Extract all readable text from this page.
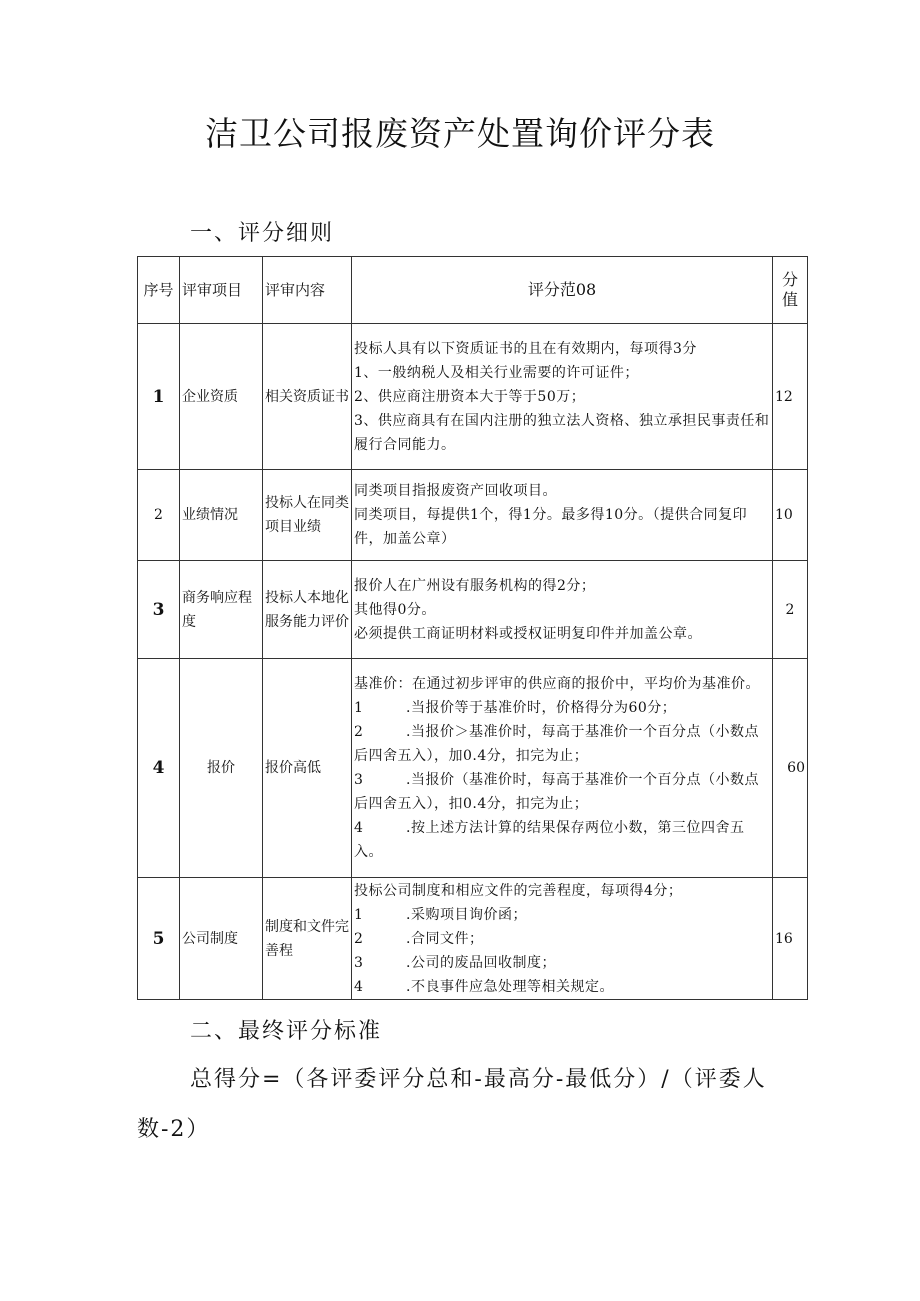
洁卫公司报废资产处置询价评分表
一、评分细则
序号	评审项目	评审内容	评分范08	分值
1	企业资质	相关资质证书	投标人具有以下资质证书的且在有效期内，每项得3分
1、一般纳税人及相关行业需要的许可证件；
2、供应商注册资本大于等于50万；
3、供应商具有在国内注册的独立法人资格、独立承担民事责任和履行合同能力。	12
2	业绩情况	投标人在同类项目业绩	同类项目指报废资产回收项目。
同类项目，每提供1个，得1分。最多得10分。（提供合同复印件，加盖公章）	10
3	商务响应程度	投标人本地化服务能力评价	报价人在广州设有服务机构的得2分；
其他得0分。
必须提供工商证明材料或授权证明复印件并加盖公章。	2
4	报价	报价高低	基准价：在通过初步评审的供应商的报价中，平均价为基准价。
1 .当报价等于基准价时，价格得分为60分；
2 .当报价＞基准价时，每高于基准价一个百分点（小数点后四舍五入），加0.4分，扣完为止；
3 .当报价（基准价时，每高于基准价一个百分点（小数点后四舍五入），扣0.4分，扣完为止；
4 .按上述方法计算的结果保存两位小数，第三位四舍五入。	60
5	公司制度	制度和文件完善程	投标公司制度和相应文件的完善程度，每项得4分；
1 .采购项目询价函；
2 .合同文件；
3 .公司的废品回收制度；
4 .不良事件应急处理等相关规定。	16
二、最终评分标准
总得分=（各评委评分总和-最高分-最低分）/（评委人
数-2）
